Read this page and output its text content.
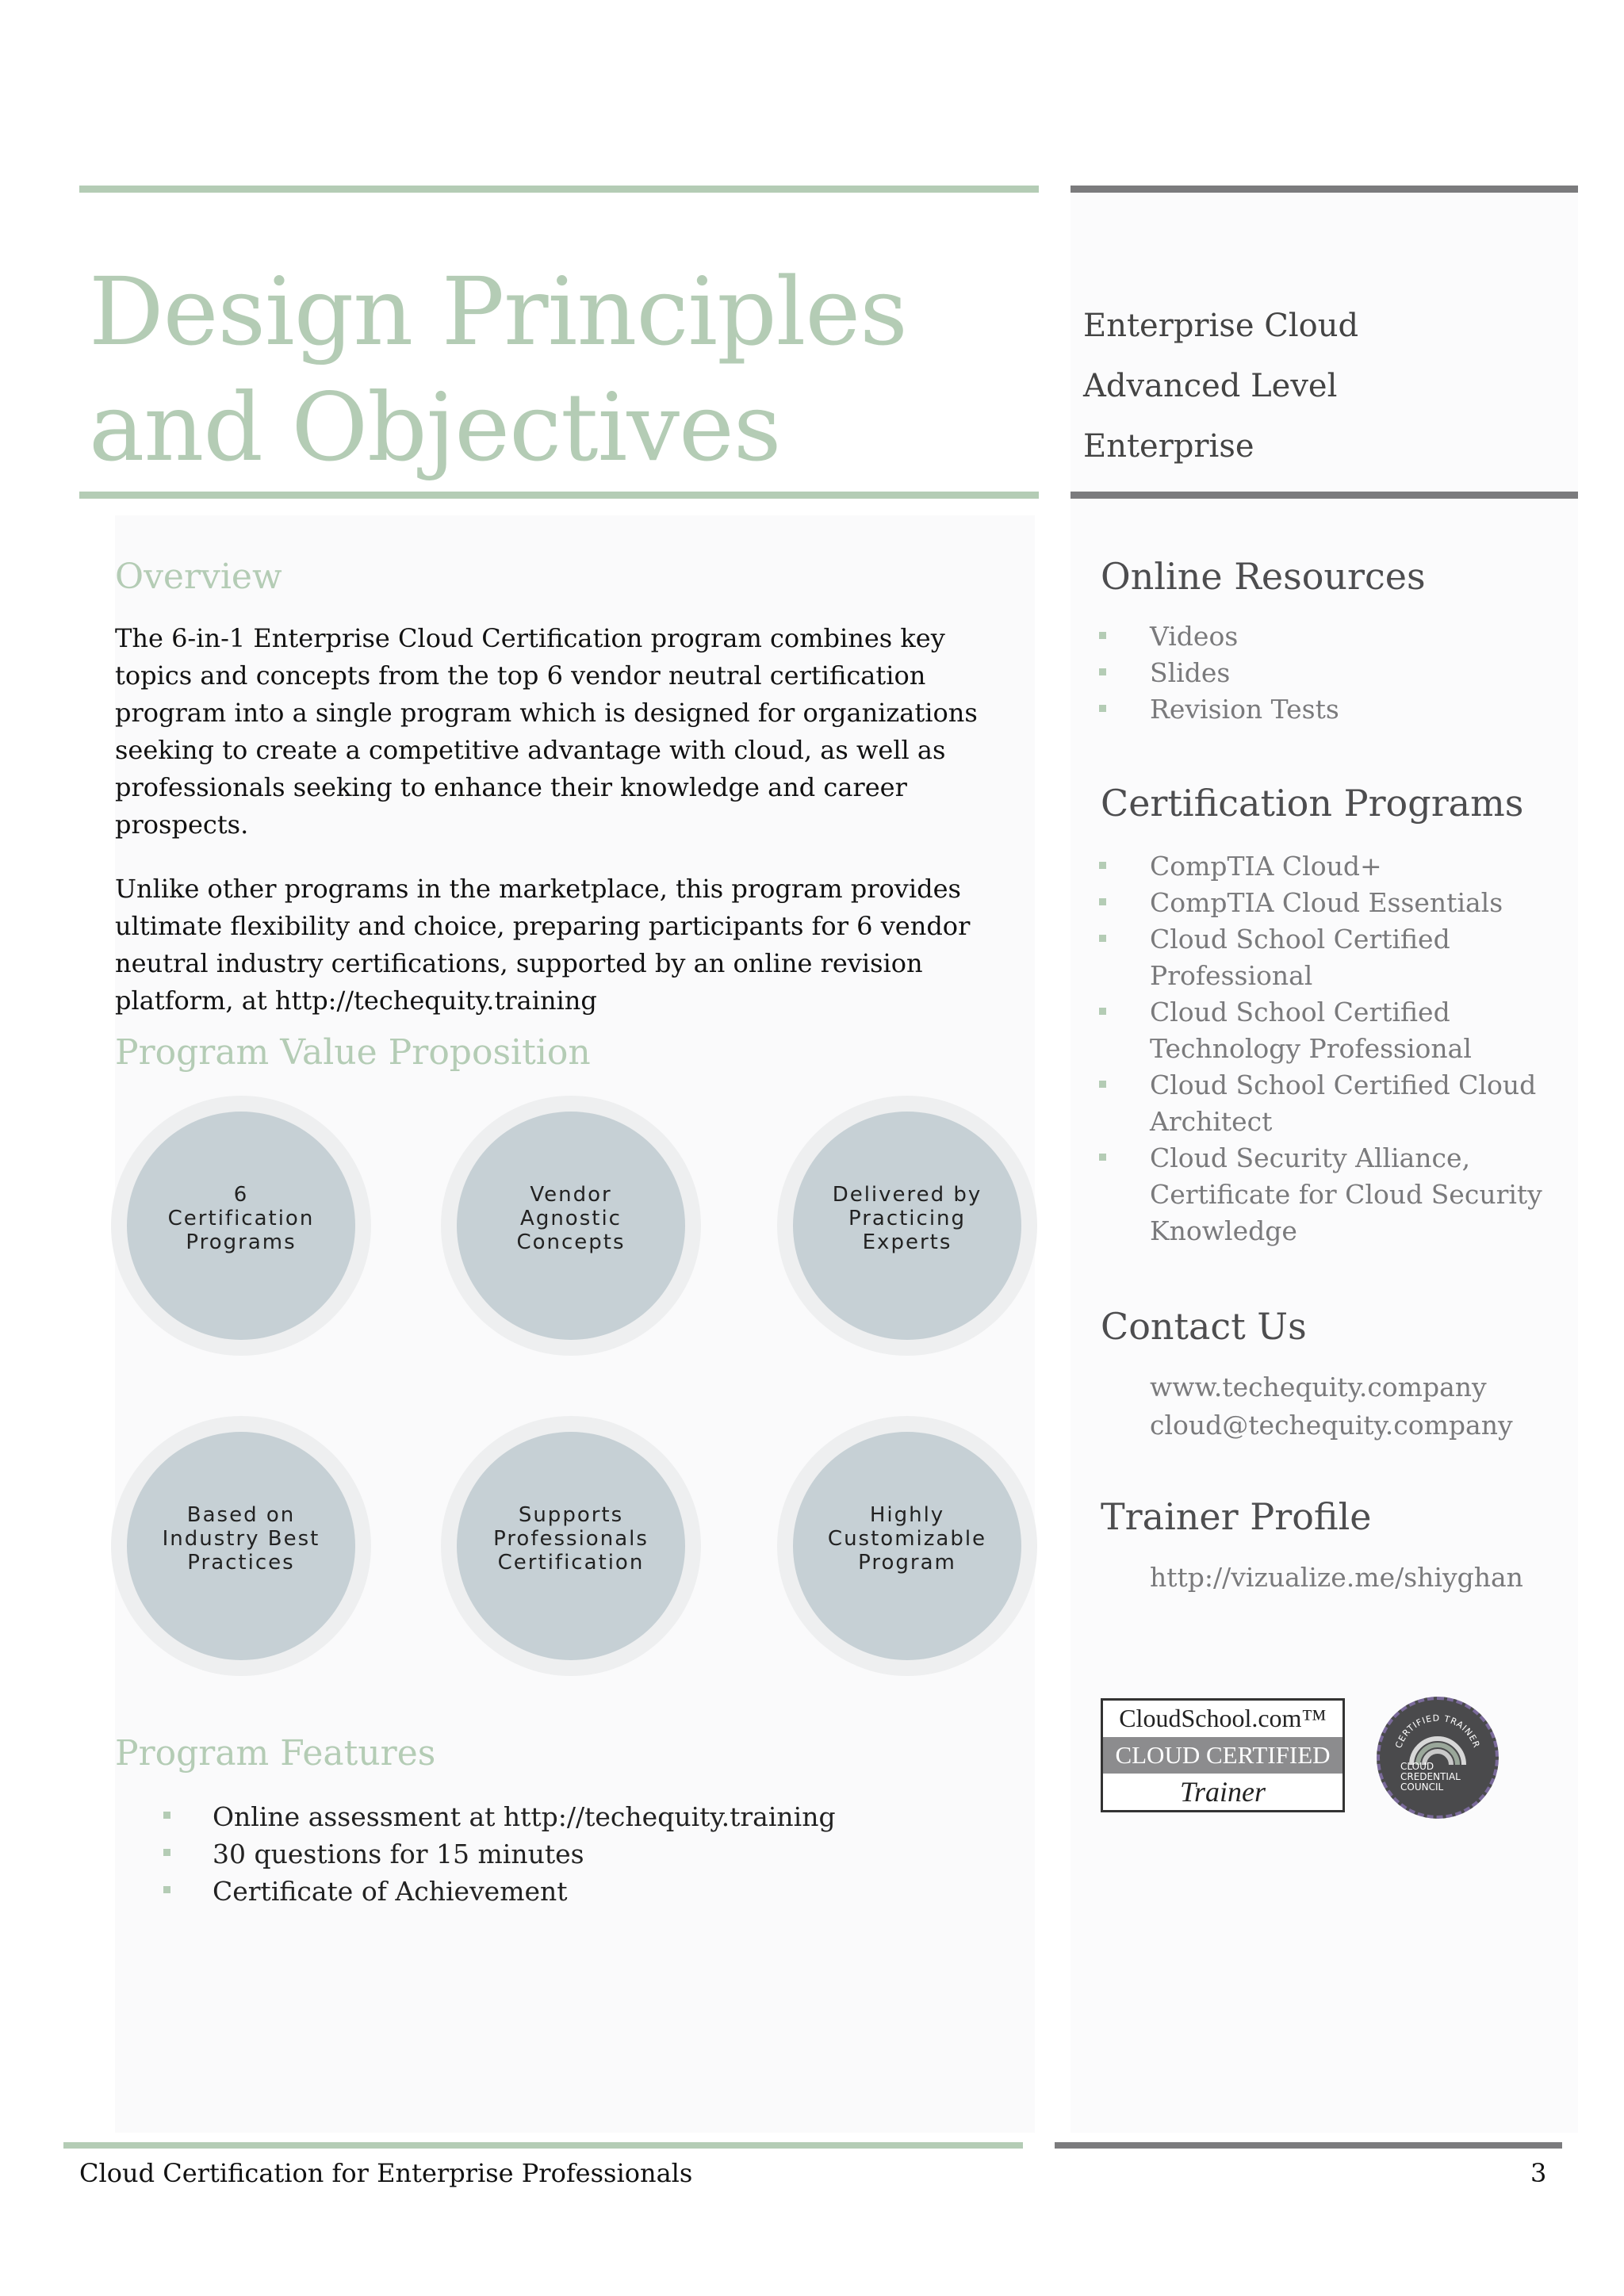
Design Principles
and Objectives
Enterprise Cloud
Advanced Level
Enterprise
Overview

The 6-in-1 Enterprise Cloud Certification program combines key topics and concepts from the top 6 vendor neutral certification program into a single program which is designed for organizations seeking to create a competitive advantage with cloud, as well as professionals seeking to enhance their knowledge and career prospects.

Unlike other programs in the marketplace, this program provides ultimate flexibility and choice, preparing participants for 6 vendor neutral industry certifications, supported by an online revision platform, at http://techequity.training

Program Value Proposition
6
Certification
Programs
Vendor
Agnostic
Concepts
Delivered by
Practicing
Experts
Based on
Industry Best
Practices
Supports
Professionals
Certification
Highly
Customizable
Program
Program Features
Online assessment at http://techequity.training
30 questions for 15 minutes
Certificate of Achievement
Online Resources
Videos
Slides
Revision Tests
Certification Programs
CompTIA Cloud+
CompTIA Cloud Essentials
Cloud School Certified Professional
Cloud School Certified Technology Professional
Cloud School Certified Cloud Architect
Cloud Security Alliance, Certificate for Cloud Security Knowledge
Contact Us
www.techequity.company
cloud@techequity.company
Trainer Profile
http://vizualize.me/shiyghan
CloudSchool.com™
CLOUD CERTIFIED
Trainer
CERTIFIED TRAINER
CLOUD
CREDENTIAL
COUNCIL
Cloud Certification for Enterprise Professionals	3
